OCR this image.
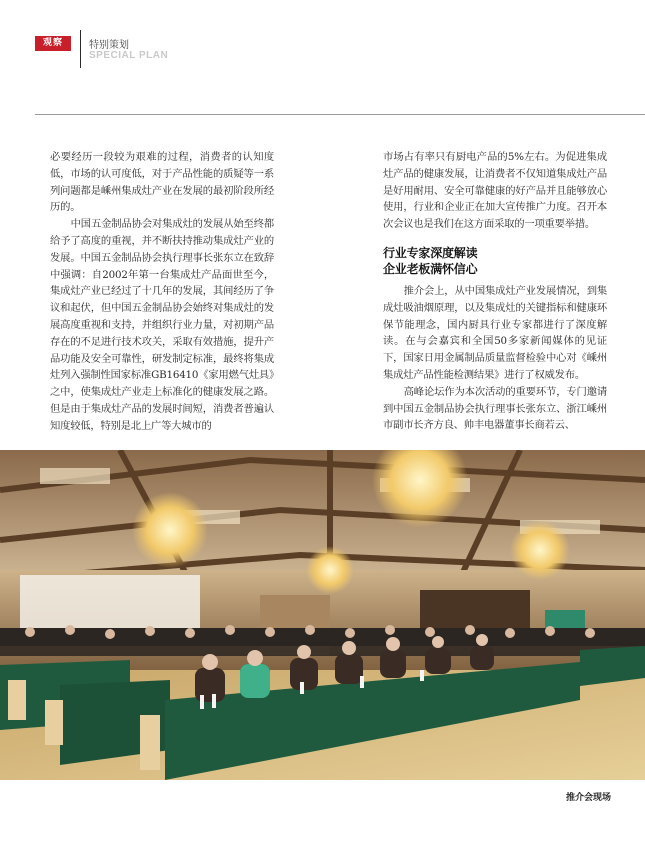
观察	特别策划
SPECIAL PLAN

必要经历一段较为艰难的过程，消费者的认知度低，市场的认可度低，对于产品性能的质疑等一系列问题都是嵊州集成灶产业在发展的最初阶段所经历的。

中国五金制品协会对集成灶的发展从始至终都给予了高度的重视，并不断扶持推动集成灶产业的发展。中国五金制品协会执行理事长张东立在致辞中强调：自2002年第一台集成灶产品面世至今，集成灶产业已经过了十几年的发展，其间经历了争议和起伏，但中国五金制品协会始终对集成灶的发展高度重视和支持，并组织行业力量，对初期产品存在的不足进行技术攻关，采取有效措施，提升产品功能及安全可靠性，研发制定标准，最终将集成灶列入强制性国家标准GB16410《家用燃气灶具》之中，使集成灶产业走上标准化的健康发展之路。但是由于集成灶产品的发展时间短，消费者普遍认知度较低，特别是北上广等大城市的

市场占有率只有厨电产品的5%左右。为促进集成灶产品的健康发展，让消费者不仅知道集成灶产品是好用耐用、安全可靠健康的好产品并且能够放心使用，行业和企业正在加大宣传推广力度。召开本次会议也是我们在这方面采取的一项重要举措。

行业专家深度解读
企业老板满怀信心

推介会上，从中国集成灶产业发展情况，到集成灶吸油烟原理，以及集成灶的关键指标和健康环保节能理念，国内厨具行业专家都进行了深度解读。在与会嘉宾和全国50多家新闻媒体的见证下，国家日用金属制品质量监督检验中心对《嵊州集成灶产品性能检测结果》进行了权威发布。

高峰论坛作为本次活动的重要环节，专门邀请到中国五金制品协会执行理事长张东立、浙江嵊州市副市长齐方良、帅丰电器董事长商若云、

推介会现场
